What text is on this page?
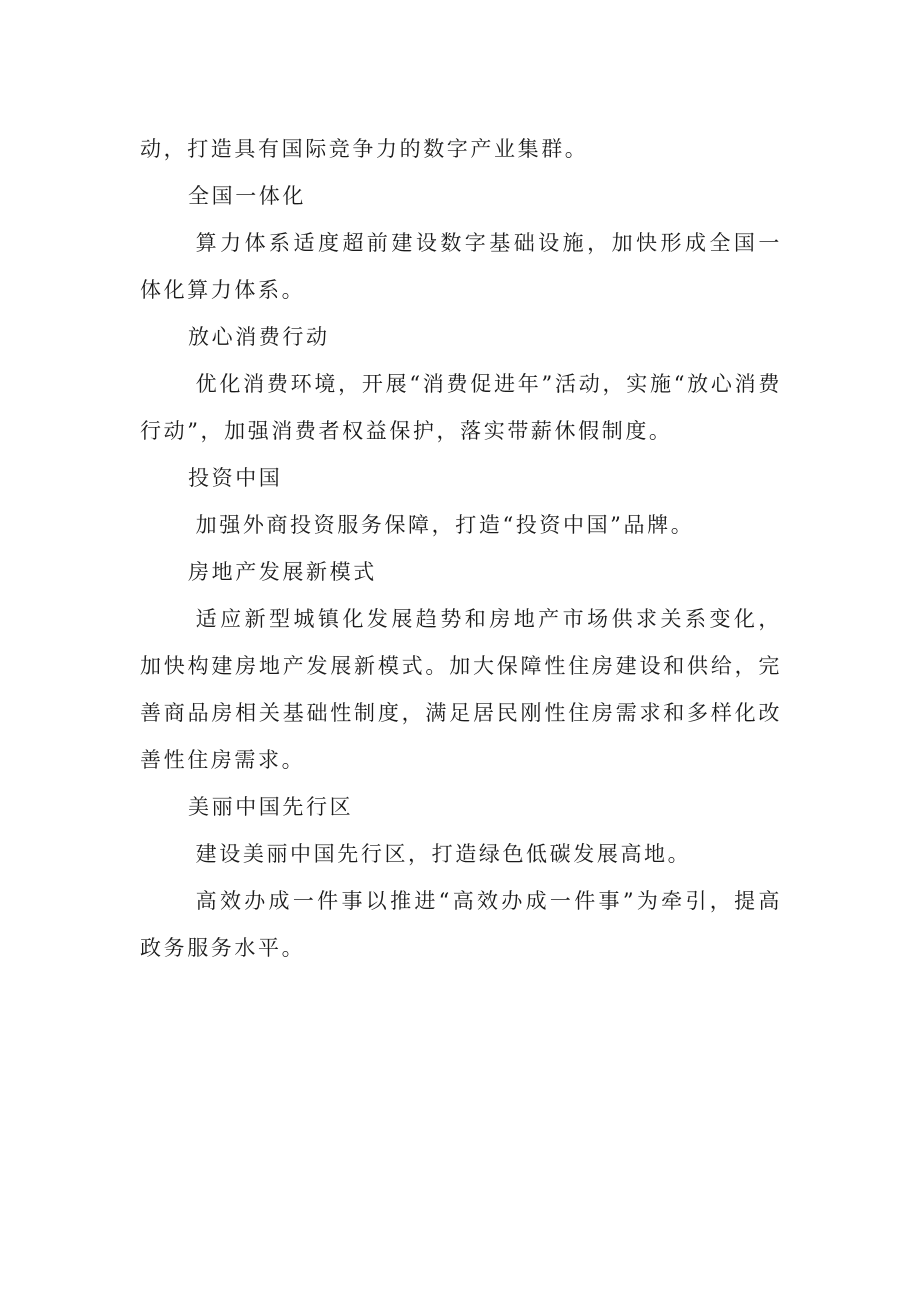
动，打造具有国际竞争力的数字产业集群。

全国一体化

算力体系适度超前建设数字基础设施，加快形成全国一体化算力体系。

放心消费行动

优化消费环境，开展“消费促进年”活动，实施“放心消费行动”，加强消费者权益保护，落实带薪休假制度。

投资中国

加强外商投资服务保障，打造“投资中国”品牌。

房地产发展新模式

适应新型城镇化发展趋势和房地产市场供求关系变化，加快构建房地产发展新模式。加大保障性住房建设和供给，完善商品房相关基础性制度，满足居民刚性住房需求和多样化改善性住房需求。

美丽中国先行区

建设美丽中国先行区，打造绿色低碳发展高地。

高效办成一件事以推进“高效办成一件事”为牵引，提高政务服务水平。
